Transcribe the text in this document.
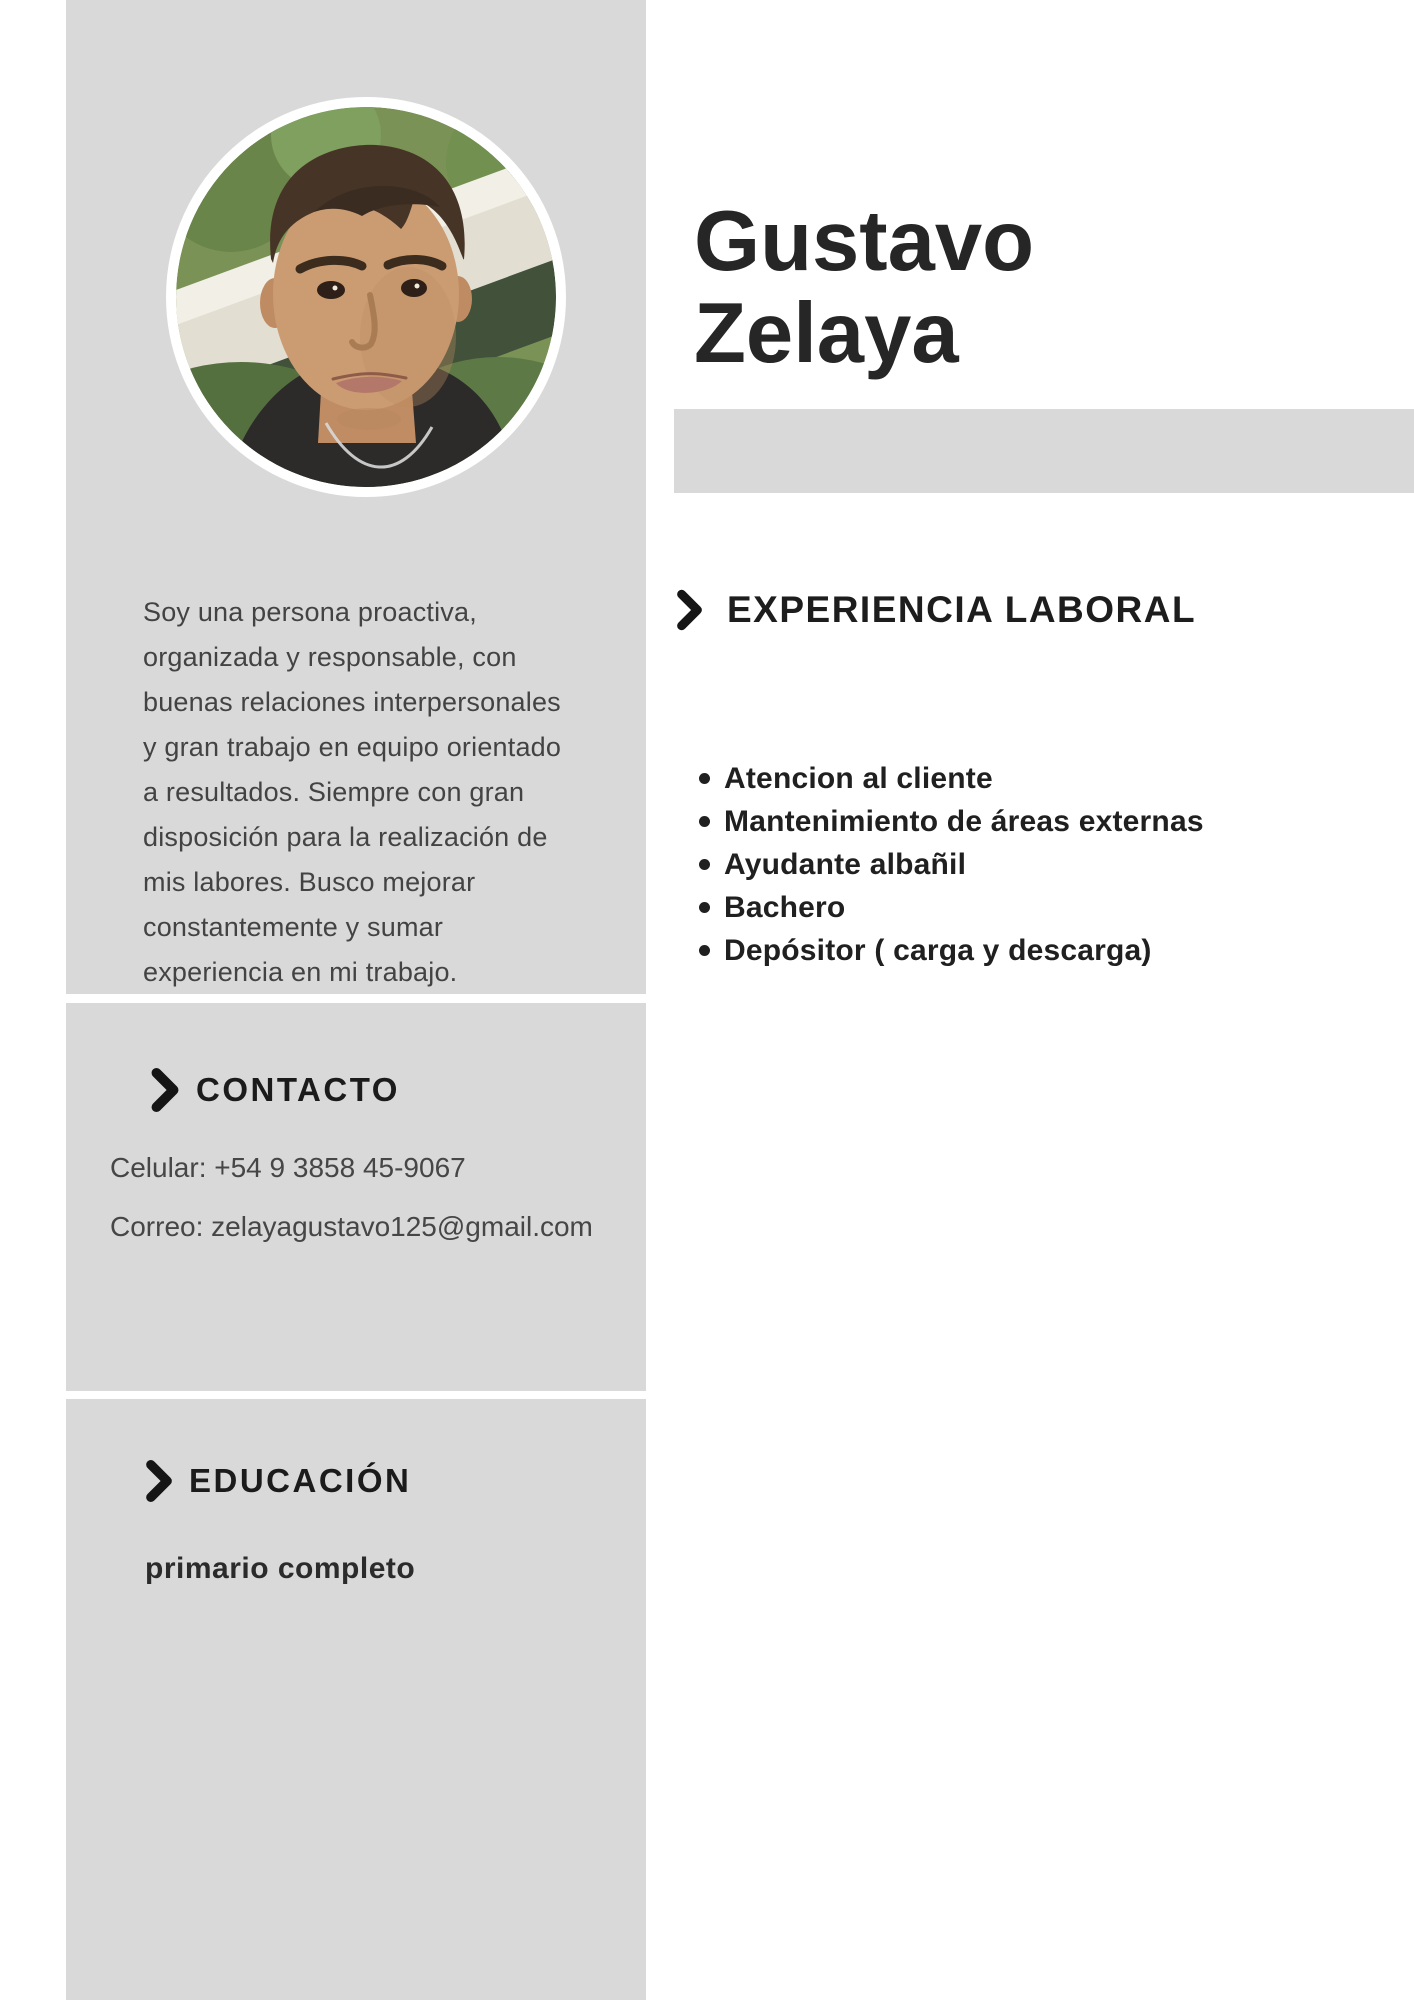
Soy una persona proactiva,
organizada y responsable, con
buenas relaciones interpersonales
y gran trabajo en equipo orientado
a resultados. Siempre con gran
disposición para la realización de
mis labores. Busco mejorar
constantemente y sumar
experiencia en mi trabajo.
CONTACTO
Celular: +54 9 3858 45-9067
Correo: zelayagustavo125@gmail.com
EDUCACIÓN
primario completo
Gustavo
Zelaya
EXPERIENCIA LABORAL
Atencion al cliente
Mantenimiento de áreas externas
Ayudante albañil
Bachero
Depósitor ( carga y descarga)
